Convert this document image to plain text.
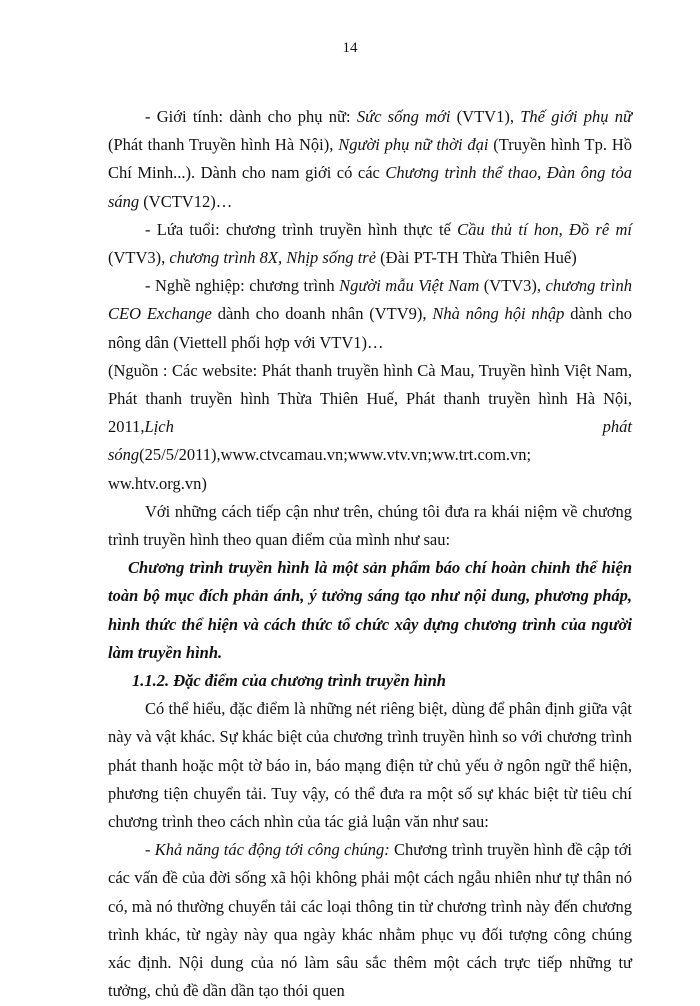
14

- Giới tính: dành cho phụ nữ: Sức sống mới (VTV1), Thế giới phụ nữ (Phát thanh Truyền hình Hà Nội), Người phụ nữ thời đại (Truyền hình Tp. Hồ Chí Minh...). Dành cho nam giới có các Chương trình thể thao, Đàn ông tỏa sáng (VCTV12)…

- Lứa tuổi: chương trình truyền hình thực tế Cầu thủ tí hon, Đồ rê mí (VTV3), chương trình 8X, Nhịp sống trẻ (Đài PT-TH Thừa Thiên Huế)

- Nghề nghiệp: chương trình Người mẫu Việt Nam (VTV3), chương trình CEO Exchange dành cho doanh nhân (VTV9), Nhà nông hội nhập dành cho nông dân (Viettell phối hợp với VTV1)…

(Nguồn : Các website: Phát thanh truyền hình Cà Mau, Truyền hình Việt Nam, Phát thanh truyền hình Thừa Thiên Huế, Phát thanh truyền hình Hà Nội, 2011,Lịch phát sóng(25/5/2011),www.ctvcamau.vn;www.vtv.vn;ww.trt.com.vn; ww.htv.org.vn)

Với những cách tiếp cận như trên, chúng tôi đưa ra khái niệm về chương trình truyền hình theo quan điểm của mình như sau:

Chương trình truyền hình là một sản phẩm báo chí hoàn chỉnh thể hiện toàn bộ mục đích phản ánh, ý tưởng sáng tạo như nội dung, phương pháp, hình thức thể hiện và cách thức tổ chức xây dựng chương trình của người làm truyền hình.

1.1.2. Đặc điểm của chương trình truyền hình

Có thể hiểu, đặc điểm là những nét riêng biệt, dùng để phân định giữa vật này và vật khác. Sự khác biệt của chương trình truyền hình so với chương trình phát thanh hoặc một tờ báo in, báo mạng điện tử chủ yếu ở ngôn ngữ thể hiện, phương tiện chuyển tải. Tuy vậy, có thể đưa ra một số sự khác biệt từ tiêu chí chương trình theo cách nhìn của tác giả luận văn như sau:

- Khả năng tác động tới công chúng: Chương trình truyền hình đề cập tới các vấn đề của đời sống xã hội không phải một cách ngẫu nhiên như tự thân nó có, mà nó thường chuyển tải các loại thông tin từ chương trình này đến chương trình khác, từ ngày này qua ngày khác nhằm phục vụ đối tượng công chúng xác định. Nội dung của nó làm sâu sắc thêm một cách trực tiếp những tư tưởng, chủ đề dần dần tạo thói quen
